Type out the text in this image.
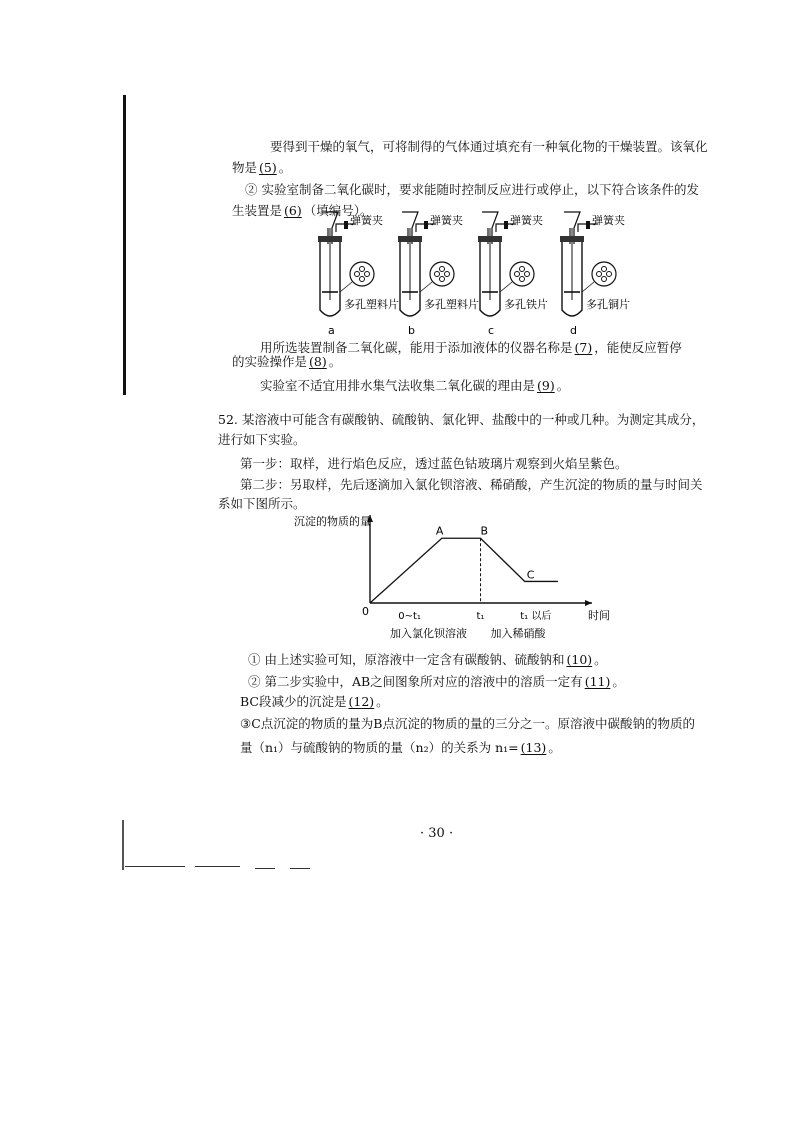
要得到干燥的氧气，可将制得的气体通过填充有一种氧化物的干燥装置。该氧化
物是 (5) 。
② 实验室制备二氧化碳时，要求能随时控制反应进行或停止，以下符合该条件的发
生装置是 (6) （填编号）。
弹簧夹
多孔塑料片
a
弹簧夹
多孔塑料片
b
弹簧夹
多孔铁片
c
弹簧夹
多孔铜片
d
用所选装置制备二氧化碳，能用于添加液体的仪器名称是 (7) ，能使反应暂停
的实验操作是 (8) 。
实验室不适宜用排水集气法收集二氧化碳的理由是 (9) 。
52. 某溶液中可能含有碳酸钠、硫酸钠、氯化钾、盐酸中的一种或几种。为测定其成分，
进行如下实验。
第一步：取样，进行焰色反应，透过蓝色钴玻璃片观察到火焰呈紫色。
第二步：另取样，先后逐滴加入氯化钡溶液、稀硝酸，产生沉淀的物质的量与时间关
系如下图所示。
沉淀的物质的量
时间
0
A	B
C
0~t₁	t₁	t₁ 以后
加入氯化钡溶液 加入稀硝酸
① 由上述实验可知，原溶液中一定含有碳酸钠、硫酸钠和 (10) 。
② 第二步实验中，AB之间图象所对应的溶液中的溶质一定有 (11) 。
BC段减少的沉淀是 (12) 。
③C点沉淀的物质的量为B点沉淀的物质的量的三分之一。原溶液中碳酸钠的物质的
量（n₁）与硫酸钠的物质的量（n₂）的关系为 n₁= (13) 。
· 30 ·
